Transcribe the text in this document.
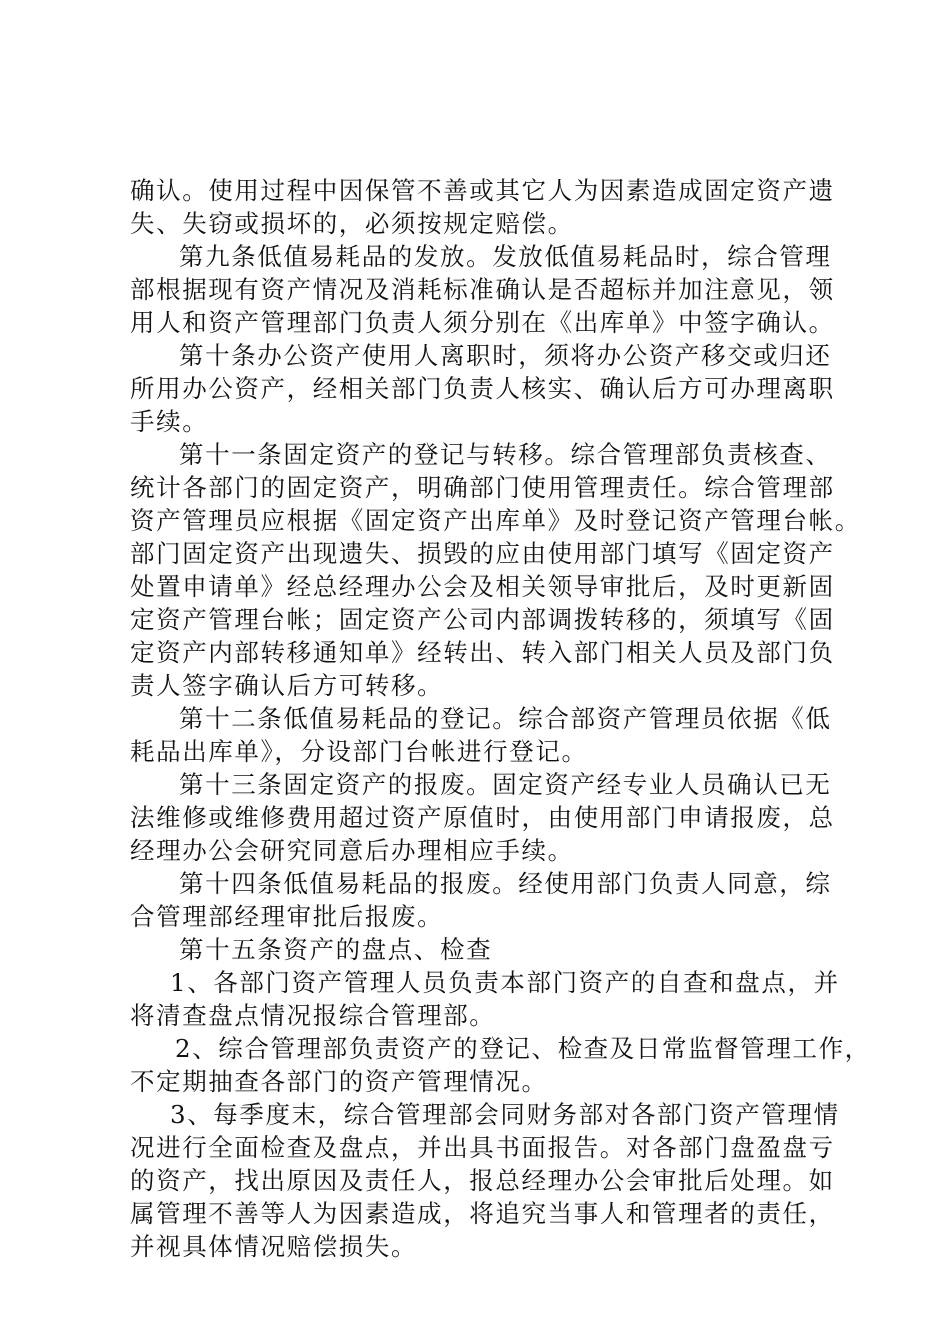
确认。使用过程中因保管不善或其它人为因素造成固定资产遗
失、失窃或损坏的，必须按规定赔偿。
第九条低值易耗品的发放。发放低值易耗品时，综合管理
部根据现有资产情况及消耗标准确认是否超标并加注意见，领
用人和资产管理部门负责人须分别在《出库单》中签字确认。
第十条办公资产使用人离职时，须将办公资产移交或归还
所用办公资产，经相关部门负责人核实、确认后方可办理离职
手续。
第十一条固定资产的登记与转移。综合管理部负责核查、
统计各部门的固定资产，明确部门使用管理责任。综合管理部
资产管理员应根据《固定资产出库单》及时登记资产管理台帐。
部门固定资产出现遗失、损毁的应由使用部门填写《固定资产
处置申请单》经总经理办公会及相关领导审批后，及时更新固
定资产管理台帐；固定资产公司内部调拨转移的，须填写《固
定资产内部转移通知单》经转出、转入部门相关人员及部门负
责人签字确认后方可转移。
第十二条低值易耗品的登记。综合部资产管理员依据《低
耗品出库单》，分设部门台帐进行登记。
第十三条固定资产的报废。固定资产经专业人员确认已无
法维修或维修费用超过资产原值时，由使用部门申请报废，总
经理办公会研究同意后办理相应手续。
第十四条低值易耗品的报废。经使用部门负责人同意，综
合管理部经理审批后报废。
第十五条资产的盘点、检查
1、各部门资产管理人员负责本部门资产的自查和盘点，并
将清查盘点情况报综合管理部。
2、综合管理部负责资产的登记、检查及日常监督管理工作，
不定期抽查各部门的资产管理情况。
3、每季度末，综合管理部会同财务部对各部门资产管理情
况进行全面检查及盘点，并出具书面报告。对各部门盘盈盘亏
的资产，找出原因及责任人，报总经理办公会审批后处理。如
属管理不善等人为因素造成，将追究当事人和管理者的责任，
并视具体情况赔偿损失。
